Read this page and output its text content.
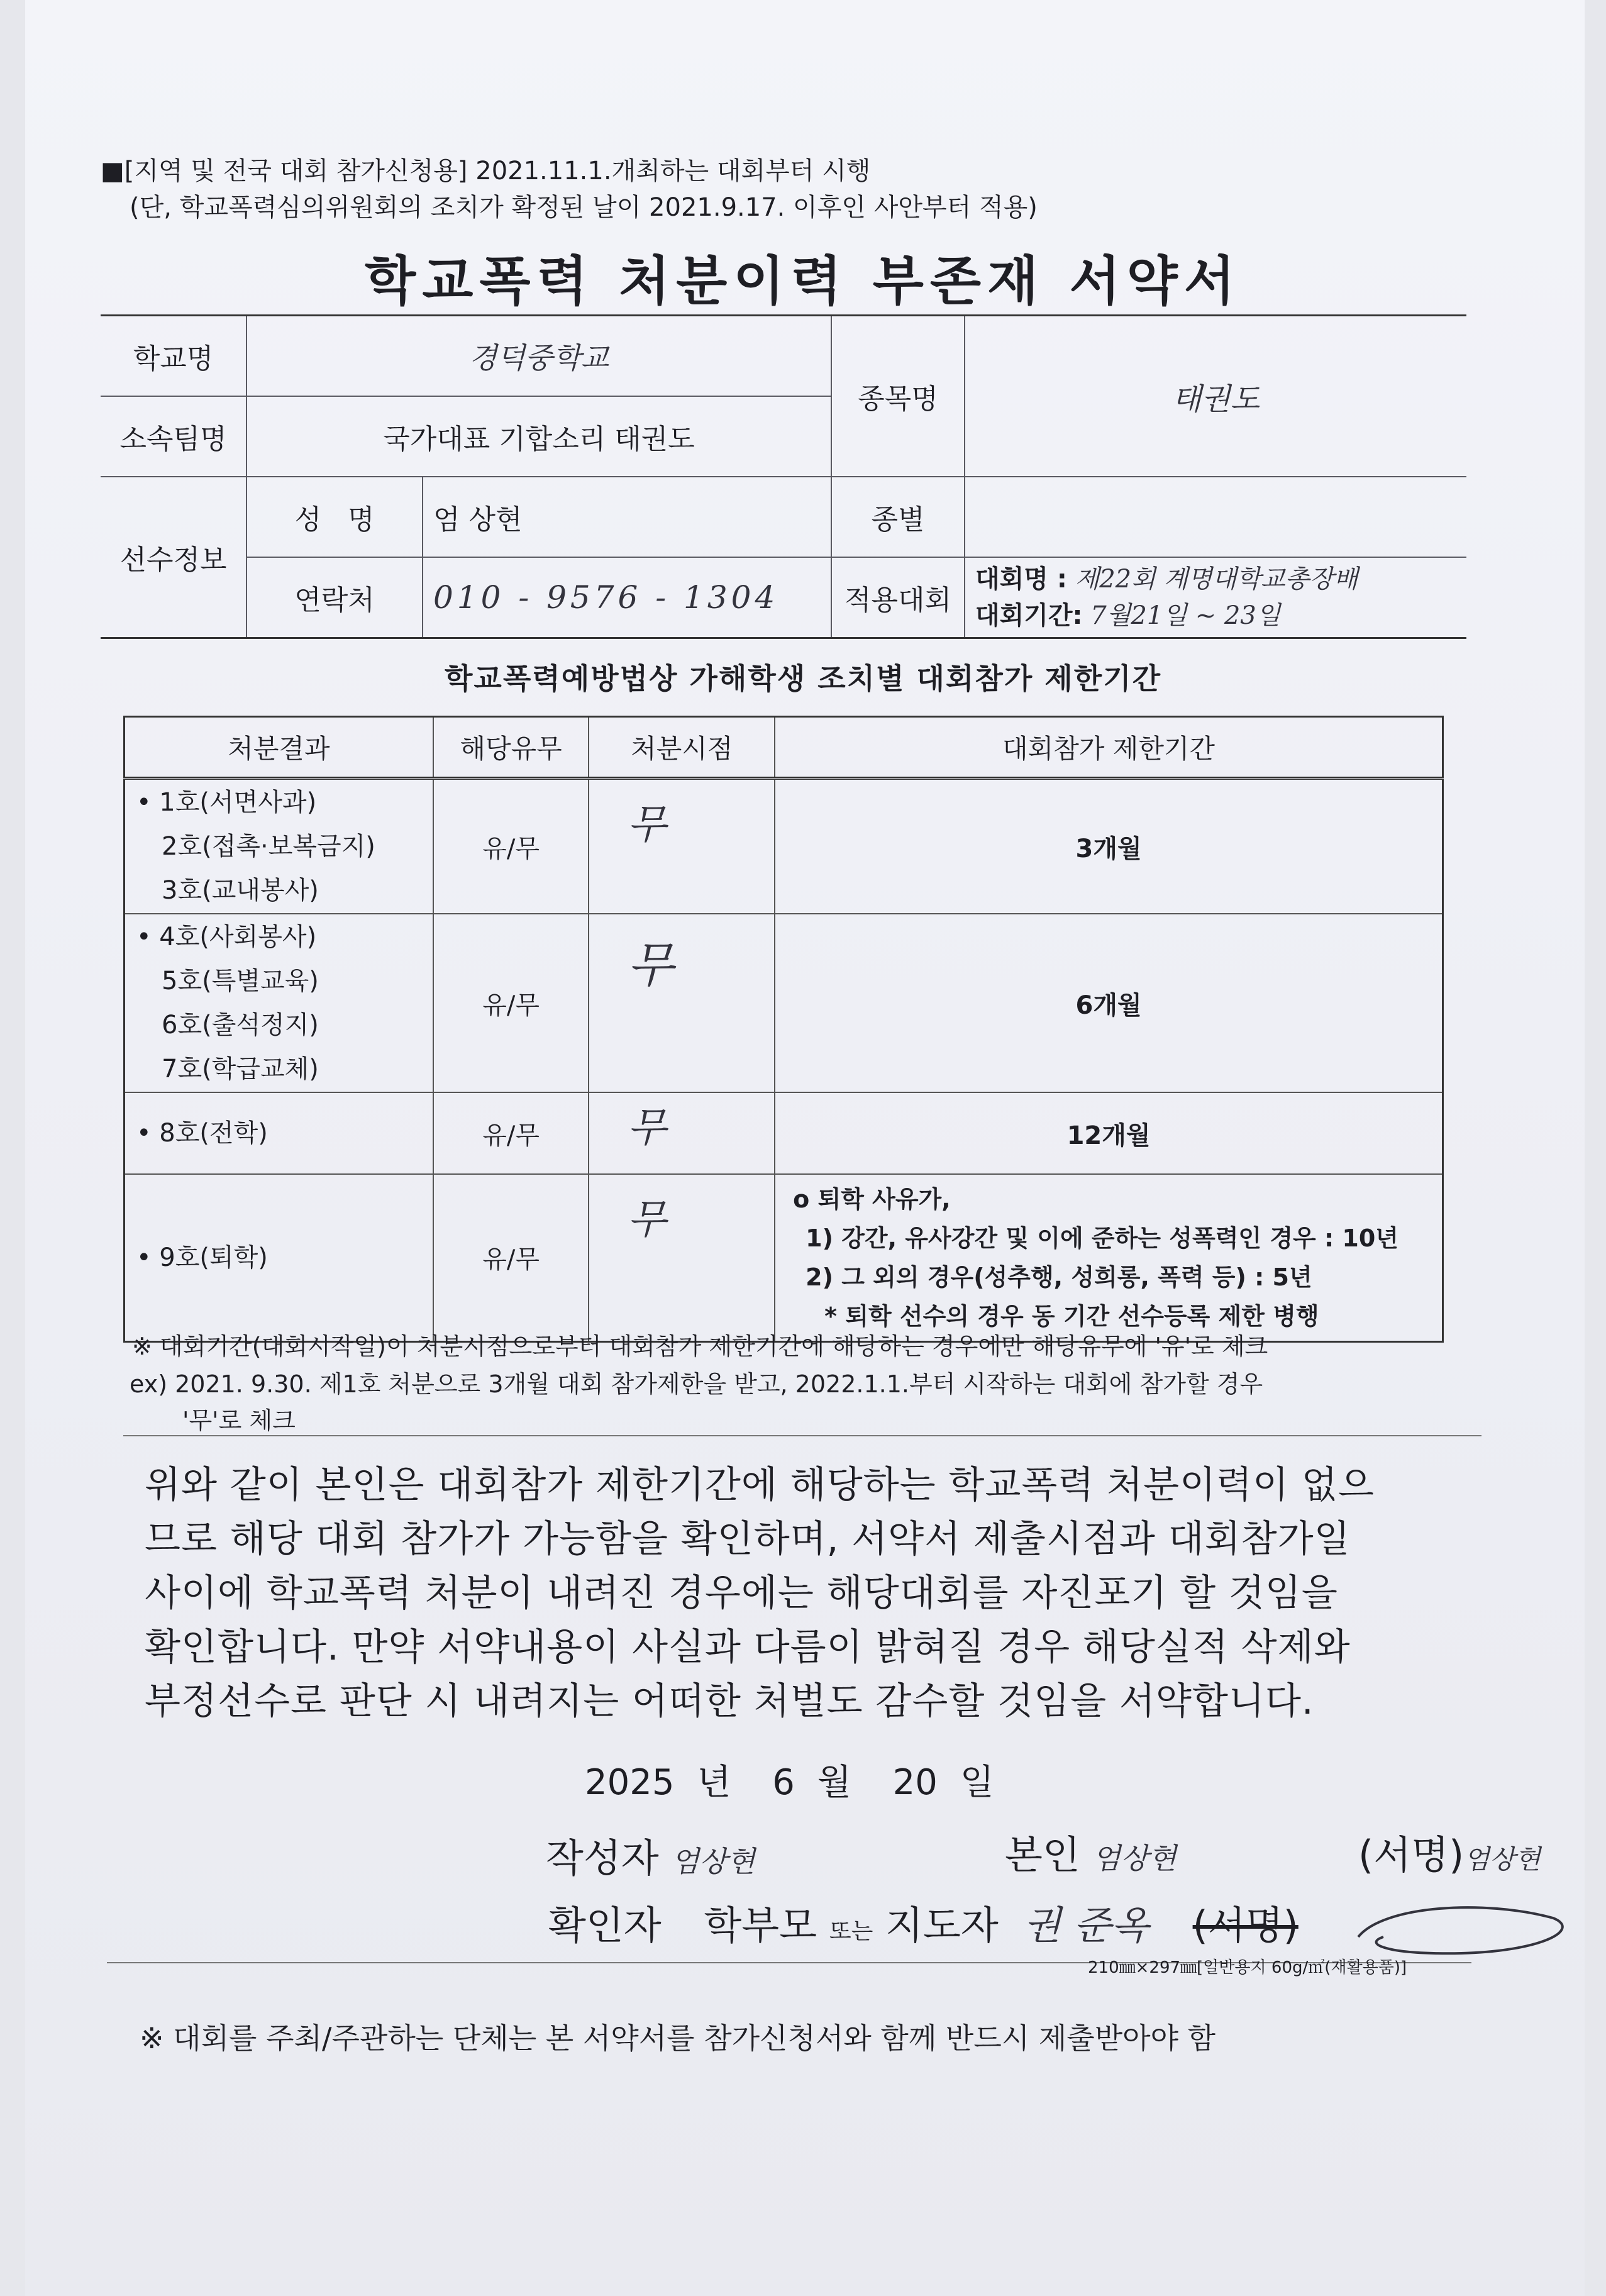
■[지역 및 전국 대회 참가신청용] 2021.11.1.개최하는 대회부터 시행
(단, 학교폭력심의위원회의 조치가 확정된 날이 2021.9.17. 이후인 사안부터 적용)
학교폭력 처분이력 부존재 서약서
학교명	경덕중학교		종목명	태권도
소속팀명	국가대표 기합소리 태권도			
선수정보	성   명	엄 상현	종별	
	연락처	010 - 9576 - 1304	적용대회	대회명 : 제22회 계명대학교총장배
대회기간: 7월21일 ~ 23일
학교폭력예방법상 가해학생 조치별 대회참가 제한기간
처분결과	해당유무	처분시점	대회참가 제한기간

• 1호(서면사과)
2호(접촉·보복금지)
3호(교내봉사)	유/무	무	3개월

• 4호(사회봉사)
5호(특별교육)
6호(출석정지)
7호(학급교체)	유/무	무	6개월

• 8호(전학)	유/무	무	12개월

• 9호(퇴학)	유/무	무	o 퇴학 사유가,
1) 강간, 유사강간 및 이에 준하는 성폭력인 경우 : 10년
2) 그 외의 경우(성추행, 성희롱, 폭력 등) : 5년
* 퇴학 선수의 경우 동 기간 선수등록 제한 병행
※ 대회기간(대회시작일)이 처분시점으로부터 대회참가 제한기간에 해당하는 경우에만 해당유무에 '유'로 체크
ex) 2021. 9.30. 제1호 처분으로 3개월 대회 참가제한을 받고, 2022.1.1.부터 시작하는 대회에 참가할 경우
'무'로 체크
위와 같이 본인은 대회참가 제한기간에 해당하는 학교폭력 처분이력이 없으
므로 해당 대회 참가가 가능함을 확인하며, 서약서 제출시점과 대회참가일
사이에 학교폭력 처분이 내려진 경우에는 해당대회를 자진포기 할 것임을
확인합니다. 만약 서약내용이 사실과 다름이 밝혀질 경우 해당실적 삭제와
부정선수로 판단 시 내려지는 어떠한 처벌도 감수할 것임을 서약합니다.
2025 년 6 월 20 일
작성자 엄상현	본인 엄상현	(서명)엄상현
확인자 학부모 또는 지도자 권 준옥 (서명)
210㎜×297㎜[일반용지 60g/㎡(재활용품)]
※ 대회를 주최/주관하는 단체는 본 서약서를 참가신청서와 함께 반드시 제출받아야 함
